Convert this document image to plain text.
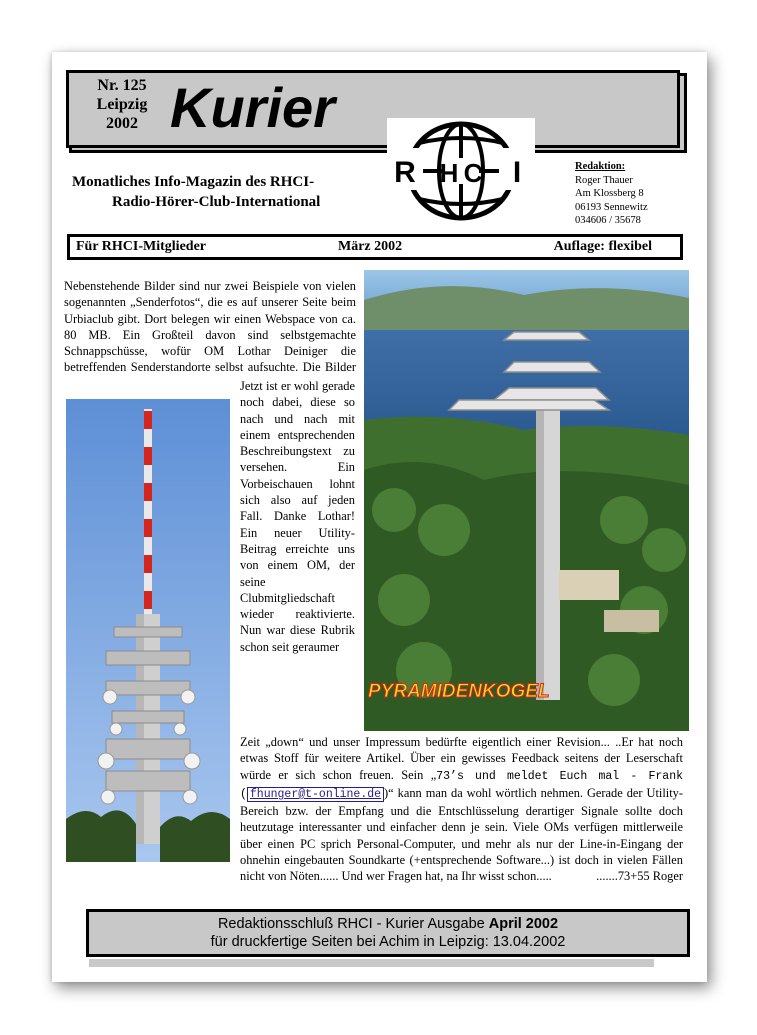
Nr. 125
Leipzig
2002 Kurier
R H C I
Monatliches Info-Magazin des RHCI-
Radio-Hörer-Club-International
Redaktion:
Roger Thauer
Am Klossberg 8
06193 Sennewitz
034606 / 35678
Für RHCI-Mitglieder	März 2002	Auflage: flexibel
Nebenstehende Bilder sind nur zwei Beispiele von vielen sogenannten „Senderfotos“, die es auf unserer Seite beim Urbiaclub gibt. Dort belegen wir einen Webspace von ca. 80 MB. Ein Großteil davon sind selbstgemachte Schnappschüsse, wofür OM Lothar Deiniger die betreffenden Senderstandorte selbst aufsuchte. Die Bilder
Jetzt ist er wohl gerade noch dabei, diese so nach und nach mit einem entsprechenden Beschreibungstext zu versehen. Ein Vorbeischauen lohnt sich also auf jeden Fall. Danke Lothar! Ein neuer Utility-Beitrag erreichte uns von einem OM, der seine Clubmitgliedschaft wieder reaktivierte. Nun war diese Rubrik schon seit geraumer
PYRAMIDENKOGEL
Zeit „down“ und unser Impressum bedürfte eigentlich einer Revision... ..Er hat noch etwas Stoff für weitere Artikel. Über ein gewisses Feedback seitens der Leserschaft würde er sich schon freuen. Sein „73’s und meldet Euch mal - Frank ( fhunger@t-online.de )“ kann man da wohl wörtlich nehmen. Gerade der Utility-Bereich bzw. der Empfang und die Entschlüsselung derartiger Signale sollte doch heutzutage interessanter und einfacher denn je sein. Viele OMs verfügen mittlerweile über einen PC sprich Personal-Computer, und mehr als nur der Line-in-Eingang der ohnehin eingebauten Soundkarte (+entsprechende Software...) ist doch in vielen Fällen nicht von Nöten...... Und wer Fragen hat, na Ihr wisst schon.....	.......73+55 Roger
Redaktionsschluß RHCI - Kurier Ausgabe April 2002
für druckfertige Seiten bei Achim in Leipzig: 13.04.2002
